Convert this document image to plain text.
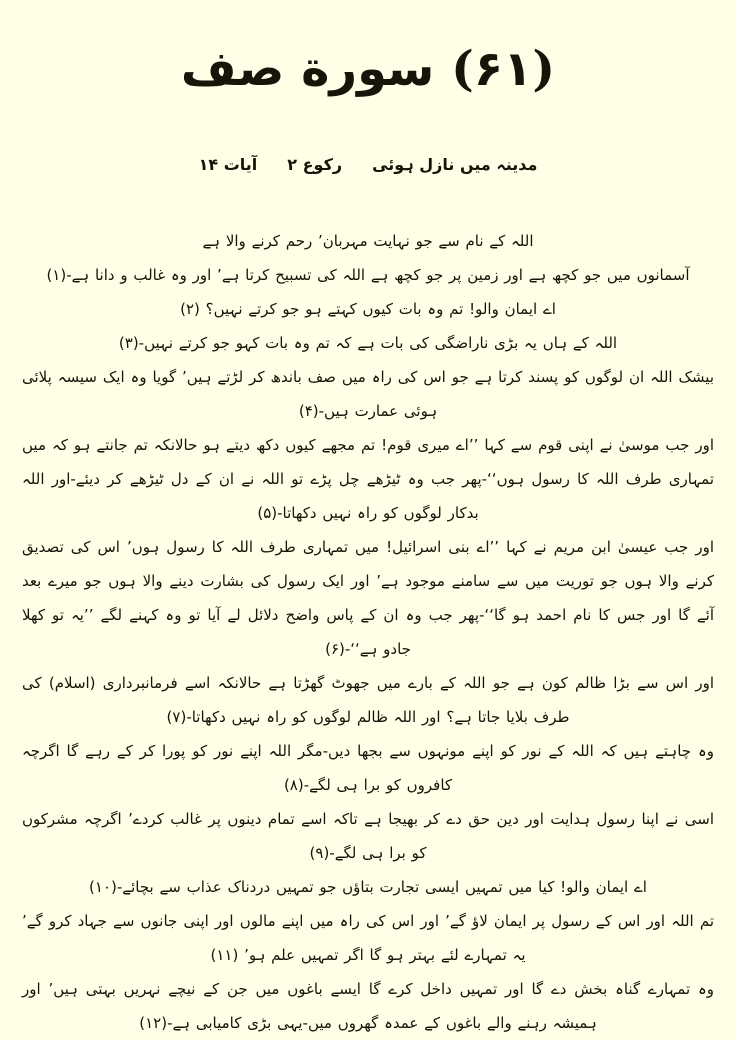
(۶۱) سورة صف
مدینہ میں نازل ہوئی
رکوع ۲
آیات ۱۴

اللہ کے نام سے جو نہایت مہربان’ رحم کرنے والا ہے

آسمانوں میں جو کچھ ہے اور زمین پر جو کچھ ہے اللہ کی تسبیح کرتا ہے’ اور وہ غالب و دانا ہے-(۱)

اے ایمان والو! تم وہ بات کیوں کہتے ہو جو کرتے نہیں؟ (۲)

اللہ کے ہاں یہ بڑی ناراضگی کی بات ہے کہ تم وہ بات کہو جو کرتے نہیں-(۳)

بیشک اللہ ان لوگوں کو پسند کرتا ہے جو اس کی راہ میں صف باندھ کر لڑتے ہیں’ گویا وہ ایک سیسہ پلائی ہوئی عمارت ہیں-(۴)

اور جب موسیٰ نے اپنی قوم سے کہا ’’اے میری قوم! تم مجھے کیوں دکھ دیتے ہو حالانکہ تم جانتے ہو کہ میں تمہاری طرف اللہ کا رسول ہوں‘‘-پھر جب وہ ٹیڑھے چل پڑے تو اللہ نے ان کے دل ٹیڑھے کر دیئے-اور اللہ بدکار لوگوں کو راہ نہیں دکھاتا-(۵)

اور جب عیسیٰ ابن مریم نے کہا ’’اے بنی اسرائیل! میں تمہاری طرف اللہ کا رسول ہوں’ اس کی تصدیق کرنے والا ہوں جو توریت میں سے سامنے موجود ہے’ اور ایک رسول کی بشارت دینے والا ہوں جو میرے بعد آئے گا اور جس کا نام احمد ہو گا‘‘-پھر جب وہ ان کے پاس واضح دلائل لے آیا تو وہ کہنے لگے ’’یہ تو کھلا جادو ہے‘‘-(۶)

اور اس سے بڑا ظالم کون ہے جو اللہ کے بارے میں جھوٹ گھڑتا ہے حالانکہ اسے فرمانبرداری (اسلام) کی طرف بلایا جاتا ہے؟ اور اللہ ظالم لوگوں کو راہ نہیں دکھاتا-(۷)

وہ چاہتے ہیں کہ اللہ کے نور کو اپنے مونہوں سے بجھا دیں-مگر اللہ اپنے نور کو پورا کر کے رہے گا اگرچہ کافروں کو برا ہی لگے-(۸)

اسی نے اپنا رسول ہدایت اور دین حق دے کر بھیجا ہے تاکہ اسے تمام دینوں پر غالب کردے’ اگرچہ مشرکوں کو برا ہی لگے-(۹)

اے ایمان والو! کیا میں تمہیں ایسی تجارت بتاؤں جو تمہیں دردناک عذاب سے بچائے-(۱۰)

تم اللہ اور اس کے رسول پر ایمان لاؤ گے’ اور اس کی راہ میں اپنے مالوں اور اپنی جانوں سے جہاد کرو گے’ یہ تمہارے لئے بہتر ہو گا اگر تمہیں علم ہو’ (۱۱)

وہ تمہارے گناہ بخش دے گا اور تمہیں داخل کرے گا ایسے باغوں میں جن کے نیچے نہریں بہتی ہیں’ اور ہمیشہ رہنے والے باغوں کے عمدہ گھروں میں-یہی بڑی کامیابی ہے-(۱۲)
